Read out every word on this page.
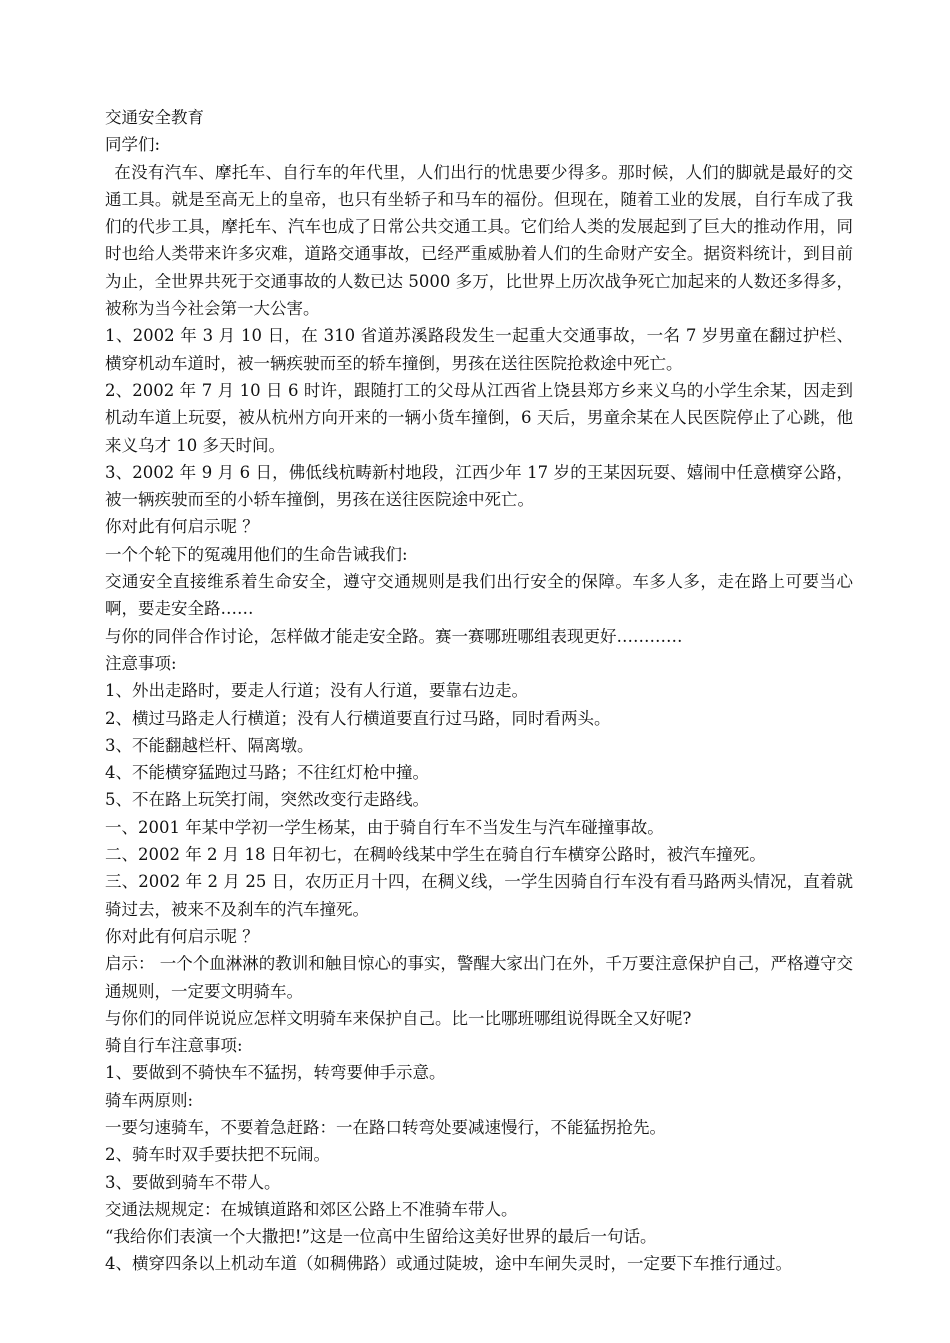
交通安全教育

同学们:

在没有汽车、摩托车、自行车的年代里，人们出行的忧患要少得多。那时候，人们的脚就是最好的交通工具。就是至高无上的皇帝，也只有坐轿子和马车的福份。但现在，随着工业的发展，自行车成了我们的代步工具，摩托车、汽车也成了日常公共交通工具。它们给人类的发展起到了巨大的推动作用，同时也给人类带来许多灾难，道路交通事故，已经严重威胁着人们的生命财产安全。据资料统计，到目前为止，全世界共死于交通事故的人数已达 5000 多万，比世界上历次战争死亡加起来的人数还多得多，被称为当今社会第一大公害。

1、2002 年 3 月 10 日，在 310 省道苏溪路段发生一起重大交通事故，一名 7 岁男童在翻过护栏、横穿机动车道时，被一辆疾驶而至的轿车撞倒，男孩在送往医院抢救途中死亡。

2、2002 年 7 月 10 日 6 时许，跟随打工的父母从江西省上饶县郑方乡来义乌的小学生余某，因走到机动车道上玩耍，被从杭州方向开来的一辆小货车撞倒，6 天后，男童余某在人民医院停止了心跳，他来义乌才 10 多天时间。

3、2002 年 9 月 6 日，佛低线杭畴新村地段，江西少年 17 岁的王某因玩耍、嬉闹中任意横穿公路，被一辆疾驶而至的小轿车撞倒，男孩在送往医院途中死亡。

你对此有何启示呢 ？

一个个轮下的冤魂用他们的生命告诫我们:

交通安全直接维系着生命安全，遵守交通规则是我们出行安全的保障。车多人多，走在路上可要当心啊，要走安全路……

与你的同伴合作讨论，怎样做才能走安全路。赛一赛哪班哪组表现更好…………

注意事项:

1、外出走路时，要走人行道；没有人行道，要靠右边走。

2、横过马路走人行横道；没有人行横道要直行过马路，同时看两头。

3、不能翻越栏杆、隔离墩。

4、不能横穿猛跑过马路；不往红灯枪中撞。

5、不在路上玩笑打闹，突然改变行走路线。

一、2001 年某中学初一学生杨某，由于骑自行车不当发生与汽车碰撞事故。

二、2002 年 2 月 18 日年初七，在稠岭线某中学生在骑自行车横穿公路时，被汽车撞死。

三、2002 年 2 月 25 日，农历正月十四，在稠义线，一学生因骑自行车没有看马路两头情况，直着就骑过去，被来不及刹车的汽车撞死。

你对此有何启示呢 ？

启示： 一个个血淋淋的教训和触目惊心的事实，警醒大家出门在外，千万要注意保护自己，严格遵守交通规则，一定要文明骑车。

与你们的同伴说说应怎样文明骑车来保护自己。比一比哪班哪组说得既全又好呢?

骑自行车注意事项:

1、要做到不骑快车不猛拐，转弯要伸手示意。

骑车两原则:

一要匀速骑车，不要着急赶路：一在路口转弯处要减速慢行，不能猛拐抢先。

2、骑车时双手要扶把不玩闹。

3、要做到骑车不带人。

交通法规规定：在城镇道路和郊区公路上不准骑车带人。

“我给你们表演一个大撒把!”这是一位高中生留给这美好世界的最后一句话。

4、横穿四条以上机动车道（如稠佛路）或通过陡坡，途中车闸失灵时，一定要下车推行通过。
